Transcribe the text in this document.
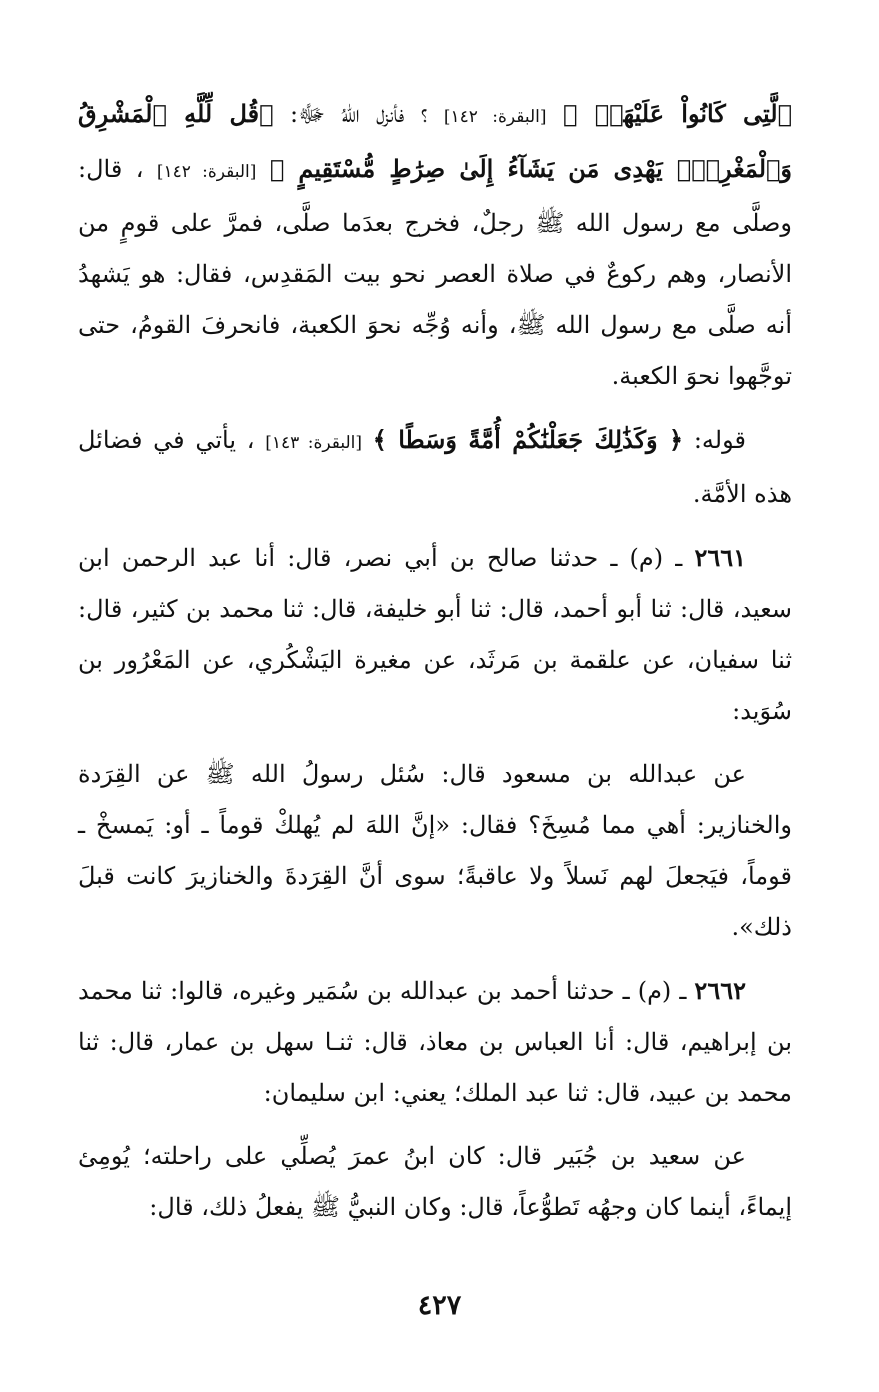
ٱلَّتِى كَانُواْ عَلَيْهَاۚ ﴾ [البقرة: ١٤٢] ؟ فأنزل اللهُ ﷻ: ﴿قُل لِّلَّهِ ٱلْمَشْرِقُ وَٱلْمَغْرِبُۚ يَهْدِى مَن يَشَآءُ إِلَىٰ صِرَٰطٍ مُّسْتَقِيمٍ ﴾ [البقرة: ١٤٢] ، قال: وصلَّى مع رسول الله ﷺ رجلٌ، فخرج بعدَما صلَّى، فمرَّ على قومٍ من الأنصار، وهم ركوعٌ في صلاة العصر نحو بيت المَقدِس، فقال: هو يَشهدُ أنه صلَّى مع رسول الله ﷺ، وأنه وُجِّه نحوَ الكعبة، فانحرفَ القومُ، حتى توجَّهوا نحوَ الكعبة.

قوله: ﴿ وَكَذَٰلِكَ جَعَلْنَٰكُمْ أُمَّةً وَسَطًا ﴾ [البقرة: ١٤٣] ، يأتي في فضائل هذه الأمَّة.

٢٦٦١ ـ (م) ـ حدثنا صالح بن أبي نصر، قال: أنا عبد الرحمن ابن سعيد، قال: ثنا أبو أحمد، قال: ثنا أبو خليفة، قال: ثنا محمد بن كثير، قال: ثنا سفيان، عن علقمة بن مَرثَد، عن مغيرة اليَشْكُري، عن المَعْرُور بن سُوَيد:

عن عبدالله بن مسعود قال: سُئل رسولُ الله ﷺ عن القِرَدة والخنازير: أهي مما مُسِخَ؟ فقال: «إنَّ اللهَ لم يُهلكْ قوماً ـ أو: يَمسخْ ـ قوماً، فيَجعلَ لهم نَسلاً ولا عاقبةً؛ سوى أنَّ القِرَدةَ والخنازيرَ كانت قبلَ ذلك».

٢٦٦٢ ـ (م) ـ حدثنا أحمد بن عبدالله بن سُمَير وغيره، قالوا: ثنا محمد بن إبراهيم، قال: أنا العباس بن معاذ، قال: ثنـا سهل بن عمار، قال: ثنا محمد بن عبيد، قال: ثنا عبد الملك؛ يعني: ابن سليمان:

عن سعيد بن جُبَير قال: كان ابنُ عمرَ يُصلِّي على راحلته؛ يُومِئ إيماءً، أينما كان وجهُه تَطوُّعاً، قال: وكان النبيُّ ﷺ يفعلُ ذلك، قال:

٤٢٧
